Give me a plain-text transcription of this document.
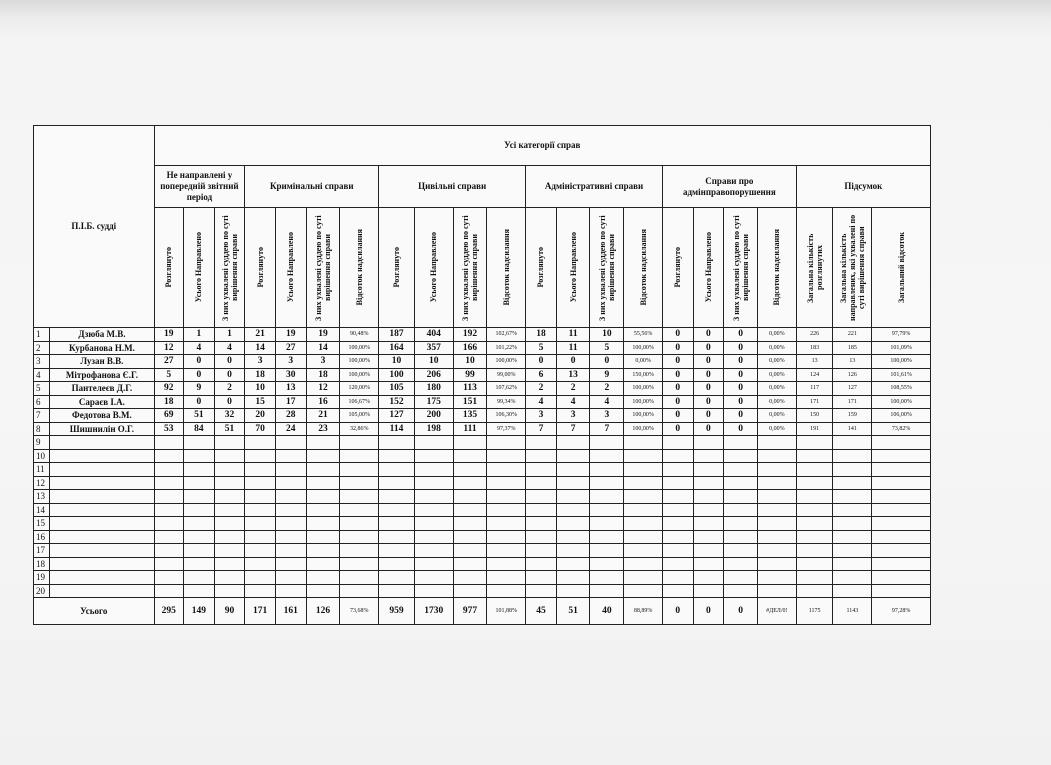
П.І.Б. судді		Усі категорії справ																					
		Не направлені у попередній звітний період			Кримінальні справи				Цивільні справи				Адміністративні справи				Справи про адмінправопорушення				Підсумок		

		Розглянуто	Усього Направлено	З них ухвалені суддею по суті вирішення справи	Розглянуто	Усього Направлено	З них ухвалені суддею по суті вирішення справи	Відсоток надсилання	Розглянуто	Усього Направлено	З них ухвалені суддею по суті вирішення справи	Відсоток надсилання	Розглянуто	Усього Направлено	З них ухвалені суддею по суті вирішення справи	Відсоток надсилання	Розглянуто	Усього Направлено	З них ухвалені суддею по суті вирішення справи	Відсоток надсилання	Загальна кількість розглянутих	Загальна кількість направлених, які ухвалені по суті вирішення справи	Загальний відсоток

1	Дзюба М.В.	19	1	1	21	19	19	90,48%	187	404	192	102,67%	18	11	10	55,56%	0	0	0	0,00%	226	221	97,79%
2	Курбанова Н.М.	12	4	4	14	27	14	100,00%	164	357	166	101,22%	5	11	5	100,00%	0	0	0	0,00%	183	185	101,09%
3	Лузан В.В.	27	0	0	3	3	3	100,00%	10	10	10	100,00%	0	0	0	0,00%	0	0	0	0,00%	13	13	100,00%
4	Мітрофанова Є.Г.	5	0	0	18	30	18	100,00%	100	206	99	99,00%	6	13	9	150,00%	0	0	0	0,00%	124	126	101,61%
5	Пантелеєв Д.Г.	92	9	2	10	13	12	120,00%	105	180	113	107,62%	2	2	2	100,00%	0	0	0	0,00%	117	127	108,55%
6	Сараєв І.А.	18	0	0	15	17	16	106,67%	152	175	151	99,34%	4	4	4	100,00%	0	0	0	0,00%	171	171	100,00%
7	Федотова В.М.	69	51	32	20	28	21	105,00%	127	200	135	106,30%	3	3	3	100,00%	0	0	0	0,00%	150	159	106,00%
8	Шишнилін О.Г.	53	84	51	70	24	23	32,86%	114	198	111	97,37%	7	7	7	100,00%	0	0	0	0,00%	191	141	73,82%
9																							
10																							
11																							
12																							
13																							
14																							
15																							
16																							
17																							
18																							
19																							
20																							
Усього		295	149	90	171	161	126	73,68%	959	1730	977	101,88%	45	51	40	88,89%	0	0	0	#ДЕЛ/0!	1175	1143	97,28%
